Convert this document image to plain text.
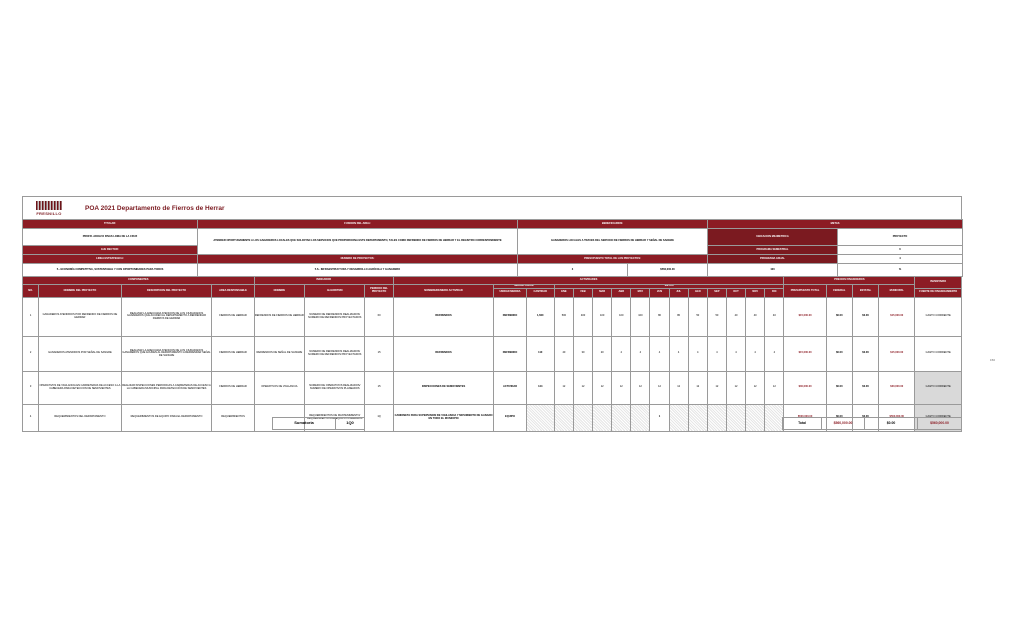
FRESNILLO
POA 2021 Departamento de Fierros de Herrar
TITULAR:	FUNCION DEL AREA:	BENEFICIARIOS:	METAS	
PROFR. ADOLFO RIVAS LOMA DE LA CRUZ	ATENDER OPORTUNAMENTE A LOS GANADEROS LOCALES QUE SOLICITAN LOS SERVICIOS QUE PROPORCIONA ESTE DEPARTAMENTO, TALES COMO REFRENDO DE FIERROS DE HERRAR Y EL REGISTRO CORRESPONDIENTE	GANADEROS LOCALES A TRAVES DEL SERVICIO DE FIERROS DE HERRAR Y SEÑAL DE SANGRE	UBICACION MILIMETRICA	PROYECTO
EJE RECTOR:			PROGRAMA SEMESTRAL	0
LINEA ESTRATEGICA:	NUMERO DE PROYECTOS:	PRESUPUESTO TOTAL DE LOS PROYECTOS:	PROGRAMA ANUAL	4
5.- ECONOMÍA COMPETITIVA, SUSTENTABLE Y CON OPORTUNIDADES PARA TODOS	5.6.- INFRAESTRUCTURA Y DESARROLLO AGRÍCOLA Y GANADERO	3	$560,000.00	100	%
COMPONENTES				INDICADOR			ACTIVIDADES															PRECIOS FINANCIEROS				INVENTARIO
NO.	NOMBRE DEL PROYECTO	DESCRIPCION DEL PROYECTO	AREA RESPONSABLE	NOMBRE	ALGORITMO	PERIODO DEL PROYECTO	NOMBRE/NUMERO ACTIVIDAD	MEDIDA ANUAL		METAS												PRESUPUESTO TOTAL	FEDERAL	ESTATAL	MUNICIPAL	
								UNIDAD MEDIDA	CANTIDAD	ENE	FEB	MAR	ABR	MAY	JUN	JUL	AGO	SEP	OCT	NOV	DIC					FUENTE DE FINANCIAMIENTO
1	GANADEROS ATENDIDOS POR REFRENDO DE FIERROS DE HERRAR	REALIZAR LA ADECUADA ATENCION DE LOS CIUDADANOS GANADEROS QUE ACUDEN AL DEPARTAMENTO A REFRENDAR FIERROS DE HERRAR	FIERROS DE HERRAR	REFRENDOS DE FIERROS DE HERRAR	NUMERO DE REFRENDOS REALIZADOS/ NUMERO DE REFRENDOS PROYECTADOS	60	REFRENDOS	REFRENDO	1,600	500	400	100	100	100	80	80	50	50	40	40	40	$15,000.00	$0.00	$0.00	$15,000.00	GASTO CORRIENTE
2	GANADEROS ATENDIDOS POR SEÑAL DE SANGRE	REALIZAR LA ADECUADA ATENCION DE LOS CIUDADANOS GANADEROS QUE ACUDEN AL DEPARTAMENTO A REFRENDAR SEÑAL DE SANGRE	FIERROS DE HERRAR	REFRENDOS DE SEÑAL DE SANGRE	NUMERO DE REFRENDOS REALIZADOS/ NUMERO DE REFRENDOS PROYECTADOS	15	REFRENDOS	REFRENDO	110	40	30	20	4	4	4	4	4	4	4	4	4	$15,000.00	$0.00	$0.00	$15,000.00	GASTO CORRIENTE
3	OPERATIVOS DE VIGILANCIA EN CARRETERAS DE ACCESO A LA CABECERA PARA DETECCION DE SEMOVIENTES	REALIZAR INSPECCIONES PERIODICAS A CARRETERAS DE ACCESO A LA CABECERA MUNICIPAL PARA DETECCIÓN DE SEMOVIENTES	FIERROS DE HERRAR	OPERATIVOS DE VIGILANCIA	NUMERO DE OPERATIVOS REALIZADOS/ NUMERO DE OPERATIVOS PLANEADOS	15	INSPECCIONES DE SEMOVIENTES	ACTIVIDAD	144	12	12	12	12	12	12	12	12	12	12	12	12	$30,000.00	$0.00	$0.00	$30,000.00	GASTO CORRIENTE
4	REQUERIMIENTOS DEL DEPARTAMENTO	REQUERIMIENTOS DE EQUIPO PARA EL DEPARTAMENTO	REQUERIMIENTOS		REQUERIMIENTOS DE MANTENIMIENTO/ REQUERIMIENTOS DE EQUIPO PLANEADOS	1Q	CAMIONETA PARA SUPERVISION DE VIGILANCIA Y MOVIMIENTO DE GANADO EN TODO EL MUNICIPIO	EQUIPO							1							$500,000.00	$0.00	$0.00	$500,000.00	GASTO CORRIENTE
Sumatoria	1Q0	Total	$560,000.00	$0.00	$560,000.00
150
